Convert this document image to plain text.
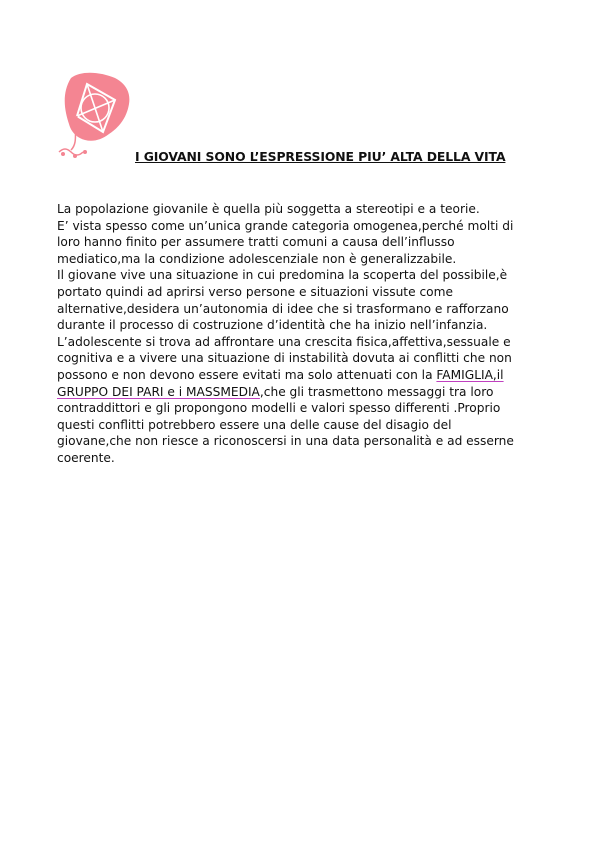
I GIOVANI SONO L’ESPRESSIONE PIU’ ALTA DELLA VITA
La popolazione giovanile è quella più soggetta a stereotipi e a teorie.
E’ vista spesso come un’unica grande categoria omogenea,perché molti di
loro hanno finito per assumere tratti comuni a causa dell’influsso
mediatico,ma la condizione adolescenziale non è generalizzabile.
Il giovane vive una situazione in cui predomina la scoperta del possibile,è
portato quindi ad aprirsi verso persone e situazioni vissute come
alternative,desidera un’autonomia di idee che si trasformano e rafforzano
durante il processo di costruzione d’identità che ha inizio nell’infanzia.
L’adolescente si trova ad affrontare una crescita fisica,affettiva,sessuale e
cognitiva e a vivere una situazione di instabilità dovuta ai conflitti che non
possono e non devono essere evitati ma solo attenuati con la FAMIGLIA,il
GRUPPO DEI PARI e i MASSMEDIA,che gli trasmettono messaggi tra loro
contraddittori e gli propongono modelli e valori spesso differenti .Proprio
questi conflitti potrebbero essere una delle cause del disagio del
giovane,che non riesce a riconoscersi in una data personalità e ad esserne
coerente.
